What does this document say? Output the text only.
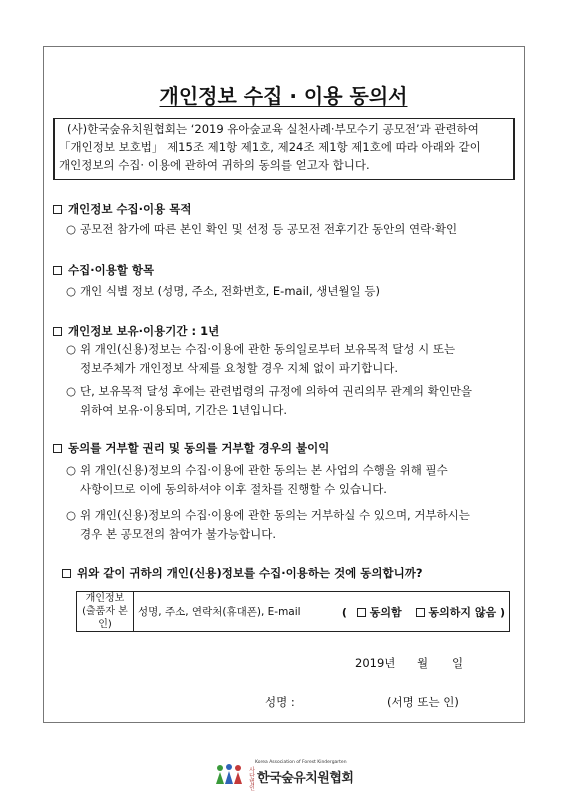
개인정보 수집 · 이용 동의서

(사)한국숲유치원협회는 ‘2019 유아숲교육 실천사례·부모수기 공모전’과 관련하여

「개인정보 보호법」 제15조 제1항 제1호, 제24조 제1항 제1호에 따라 아래와 같이

개인정보의 수집· 이용에 관하여 귀하의 동의를 얻고자 합니다.

개인정보 수집·이용 목적
○ 공모전 참가에 따른 본인 확인 및 선정 등 공모전 전후기간 동안의 연락·확인
수집·이용할 항목
○ 개인 식별 정보 (성명, 주소, 전화번호, E-mail, 생년월일 등)
개인정보 보유·이용기간 : 1년

○ 위 개인(신용)정보는 수집·이용에 관한 동의일로부터 보유목적 달성 시 또는

정보주체가 개인정보 삭제를 요청할 경우 지체 없이 파기합니다.

○ 단, 보유목적 달성 후에는 관련법령의 규정에 의하여 권리의무 관계의 확인만을

위하여 보유·이용되며, 기간은 1년입니다.
동의를 거부할 권리 및 동의를 거부할 경우의 불이익

○ 위 개인(신용)정보의 수집·이용에 관한 동의는 본 사업의 수행을 위해 필수

사항이므로 이에 동의하셔야 이후 절차를 진행할 수 있습니다.

○ 위 개인(신용)정보의 수집·이용에 관한 동의는 거부하실 수 있으며, 거부하시는

경우 본 공모전의 참여가 불가능합니다.
위와 같이 귀하의 개인(신용)정보를 수집·이용하는 것에 동의합니까?
개인정보
(출품자 본인)	성명, 주소, 연락처(휴대폰), E-mail	( 동의함 동의하지 않음 )
2019년 월 일
성명 :	(서명 또는 인)
Korea Association of Forest Kindergarten
사단법인
한국숲유치원협회
